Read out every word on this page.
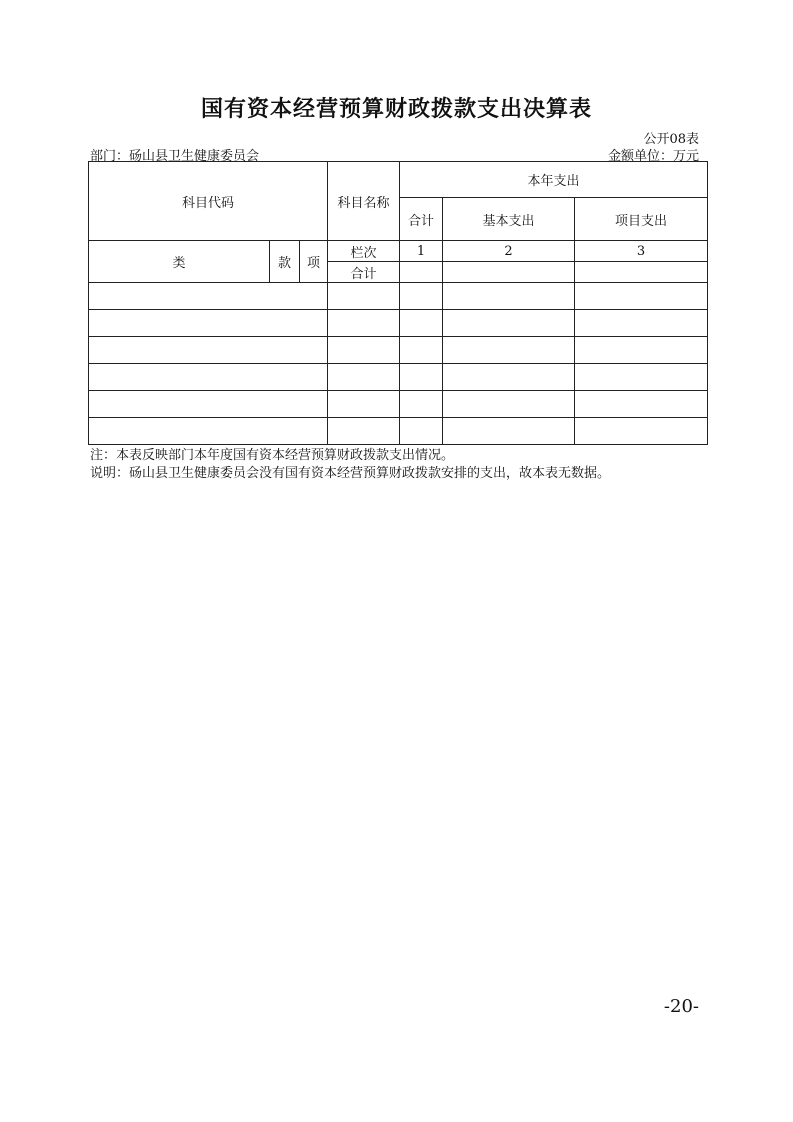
国有资本经营预算财政拨款支出决算表
公开08表
部门：砀山县卫生健康委员会	金额单位：万元
科目代码			科目名称	本年支出		
				合计	基本支出	项目支出
类	款	项	栏次	1	2	3
			合计			

注：本表反映部门本年度国有资本经营预算财政拨款支出情况。
说明：砀山县卫生健康委员会没有国有资本经营预算财政拨款安排的支出，故本表无数据。
-20-
